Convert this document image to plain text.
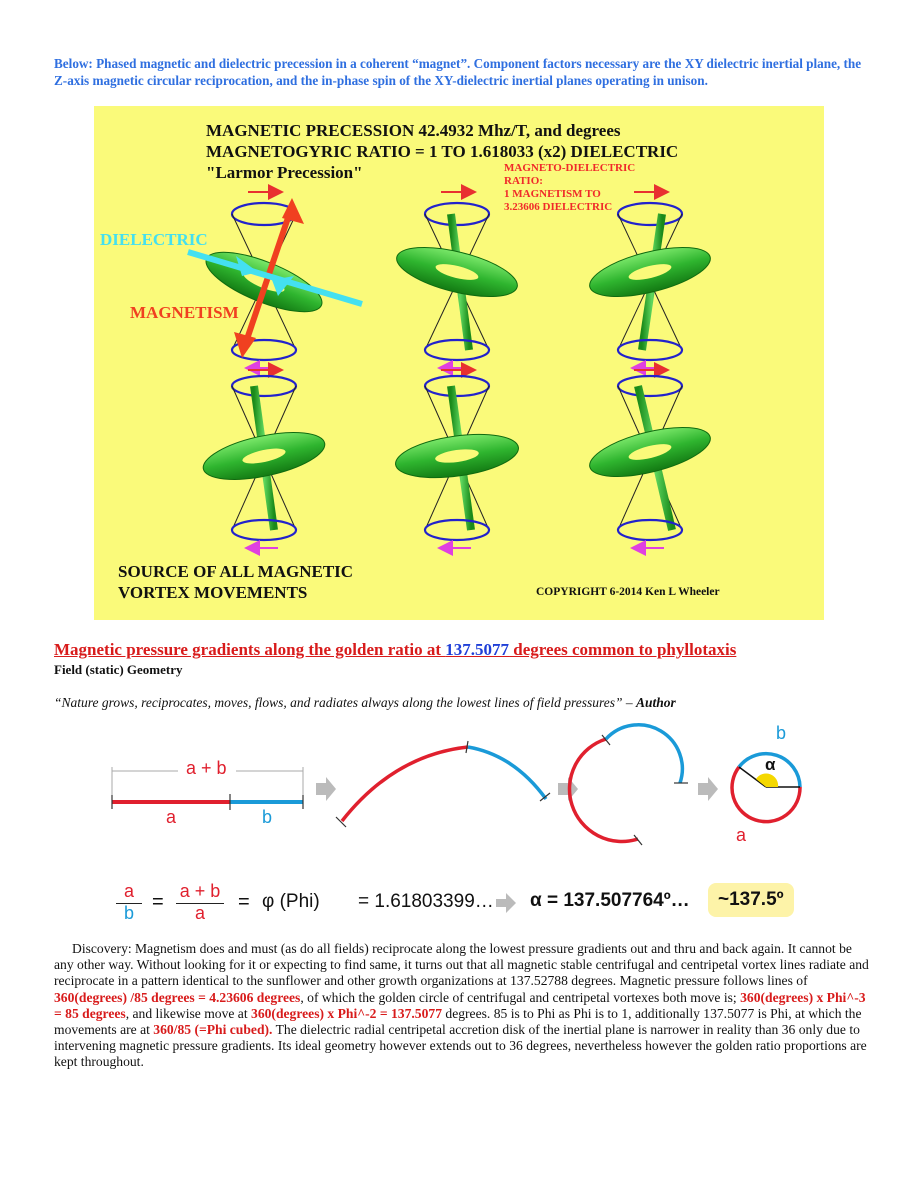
Below: Phased magnetic and dielectric precession in a coherent “magnet”. Component factors necessary are the XY dielectric inertial plane, the Z-axis magnetic circular reciprocation, and the in-phase spin of the XY-dielectric inertial planes operating in unison.
MAGNETIC PRECESSION 42.4932 Mhz/T, and degrees
MAGNETOGYRIC RATIO = 1 TO 1.618033 (x2) DIELECTRIC
"Larmor Precession"	MAGNETO-DIELECTRIC
RATIO:
1 MAGNETISM TO
3.23606 DIELECTRIC
DIELECTRIC
MAGNETISM
SOURCE OF ALL MAGNETIC
VORTEX MOVEMENTS	COPYRIGHT 6-2014 Ken L Wheeler
Magnetic pressure gradients along the golden ratio at 137.5077 degrees common to phyllotaxis
Field (static) Geometry
“Nature grows, reciprocates, moves, flows, and radiates always along the lowest lines of field pressures” – Author
a + b
a	b
b
a
α
a
b = a + b
a	= φ (Phi) = 1.61803399… α = 137.507764º…	~137.5º
Discovery: Magnetism does and must (as do all fields) reciprocate along the lowest pressure gradients out and thru and back again. It cannot be any other way. Without looking for it or expecting to find same, it turns out that all magnetic stable centrifugal and centripetal vortex lines radiate and reciprocate in a pattern identical to the sunflower and other growth organizations at 137.52788 degrees. Magnetic pressure follows lines of 360(degrees) /85 degrees = 4.23606 degrees, of which the golden circle of centrifugal and centripetal vortexes both move is; 360(degrees) x Phi^-3 = 85 degrees, and likewise move at 360(degrees) x Phi^-2 = 137.5077 degrees. 85 is to Phi as Phi is to 1, additionally 137.5077 is Phi, at which the movements are at 360/85 (=Phi cubed). The dielectric radial centripetal accretion disk of the inertial plane is narrower in reality than 36 only due to intervening magnetic pressure gradients. Its ideal geometry however extends out to 36 degrees, nevertheless however the golden ratio proportions are kept throughout.
